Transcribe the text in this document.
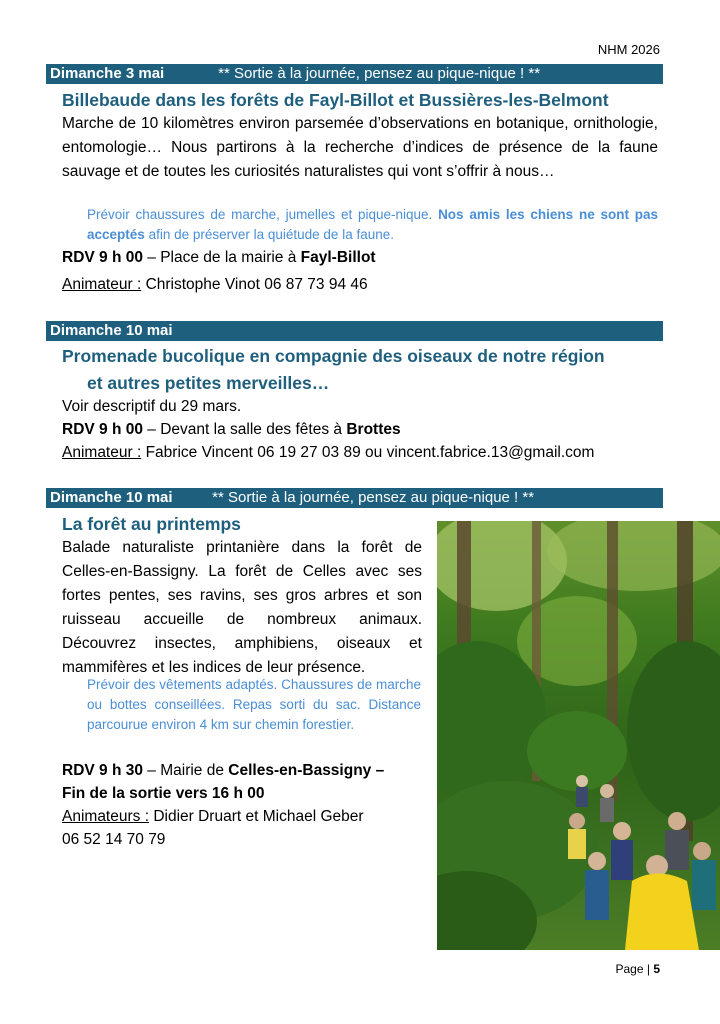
NHM 2026
Dimanche 3 mai	** Sortie à la journée, pensez au pique-nique ! **
Billebaude dans les forêts de Fayl-Billot et Bussières-les-Belmont
Marche de 10 kilomètres environ parsemée d’observations en botanique, ornithologie, entomologie… Nous partirons à la recherche d’indices de présence de la faune sauvage et de toutes les curiosités naturalistes qui vont s’offrir à nous…
Prévoir chaussures de marche, jumelles et pique-nique. Nos amis les chiens ne sont pas acceptés afin de préserver la quiétude de la faune.
RDV 9 h 00 – Place de la mairie à Fayl-Billot
Animateur : Christophe Vinot 06 87 73 94 46
Dimanche 10 mai
Promenade bucolique en compagnie des oiseaux de notre région
et autres petites merveilles…
Voir descriptif du 29 mars.
RDV 9 h 00 – Devant la salle des fêtes à Brottes
Animateur : Fabrice Vincent 06 19 27 03 89 ou vincent.fabrice.13@gmail.com
Dimanche 10 mai	** Sortie à la journée, pensez au pique-nique ! **
La forêt au printemps
Balade naturaliste printanière dans la forêt de Celles-en-Bassigny. La forêt de Celles avec ses fortes pentes, ses ravins, ses gros arbres et son ruisseau accueille de nombreux animaux. Découvrez insectes, amphibiens, oiseaux et mammifères et les indices de leur présence.
Prévoir des vêtements adaptés. Chaussures de marche ou bottes conseillées. Repas sorti du sac. Distance parcourue environ 4 km sur chemin forestier.
RDV 9 h 30 – Mairie de Celles-en-Bassigny –
Fin de la sortie vers 16 h 00
Animateurs : Didier Druart et Michael Geber
06 52 14 70 79
Page | 5
